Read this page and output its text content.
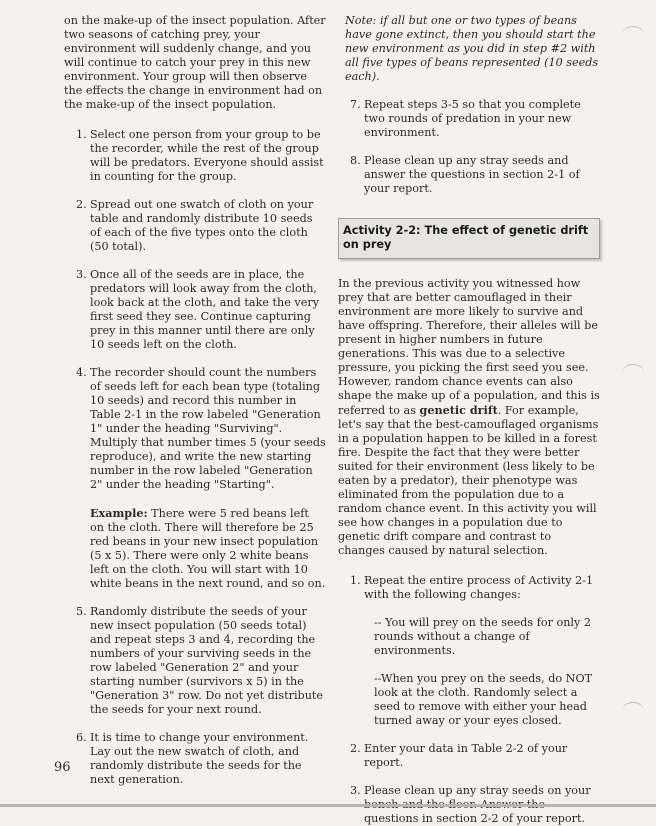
on the make-up of the insect population. After two seasons of catching prey, your environment will suddenly change, and you will continue to catch your prey in this new environment. Your group will then observe the effects the change in environment had on the make-up of the insect population.

1. Select one person from your group to be the recorder, while the rest of the group will be predators. Everyone should assist in counting for the group.
2. Spread out one swatch of cloth on your table and randomly distribute 10 seeds of each of the five types onto the cloth (50 total).
3. Once all of the seeds are in place, the predators will look away from the cloth, look back at the cloth, and take the very first seed they see. Continue capturing prey in this manner until there are only 10 seeds left on the cloth.
4. The recorder should count the numbers of seeds left for each bean type (totaling 10 seeds) and record this number in Table 2-1 in the row labeled "Generation 1" under the heading "Surviving". Multiply that number times 5 (your seeds reproduce), and write the new starting number in the row labeled "Generation 2" under the heading "Starting".

Example: There were 5 red beans left on the cloth. There will therefore be 25 red beans in your new insect population (5 x 5). There were only 2 white beans left on the cloth. You will start with 10 white beans in the next round, and so on.

5. Randomly distribute the seeds of your new insect population (50 seeds total) and repeat steps 3 and 4, recording the numbers of your surviving seeds in the row labeled "Generation 2" and your starting number (survivors x 5) in the "Generation 3" row. Do not yet distribute the seeds for your next round.
6. It is time to change your environment. Lay out the new swatch of cloth, and randomly distribute the seeds for the next generation.

Note: if all but one or two types of beans have gone extinct, then you should start the new environment as you did in step #2 with all five types of beans represented (10 seeds each).

7. Repeat steps 3-5 so that you complete two rounds of predation in your new environment.
8. Please clean up any stray seeds and answer the questions in section 2-1 of your report.
Activity 2-2: The effect of genetic drift on prey

In the previous activity you witnessed how prey that are better camouflaged in their environment are more likely to survive and have offspring. Therefore, their alleles will be present in higher numbers in future generations. This was due to a selective pressure, you picking the first seed you see. However, random chance events can also shape the make up of a population, and this is referred to as genetic drift. For example, let's say that the best-camouflaged organisms in a population happen to be killed in a forest fire. Despite the fact that they were better suited for their environment (less likely to be eaten by a predator), their phenotype was eliminated from the population due to a random chance event. In this activity you will see how changes in a population due to genetic drift compare and contrast to changes caused by natural selection.

1. Repeat the entire process of Activity 2-1 with the following changes:

-- You will prey on the seeds for only 2 rounds without a change of environments.

--When you prey on the seeds, do NOT look at the cloth. Randomly select a seed to remove with either your head turned away or your eyes closed.

2. Enter your data in Table 2-2 of your report.
3. Please clean up any stray seeds on your questions in section 2-2 of your report.
96
